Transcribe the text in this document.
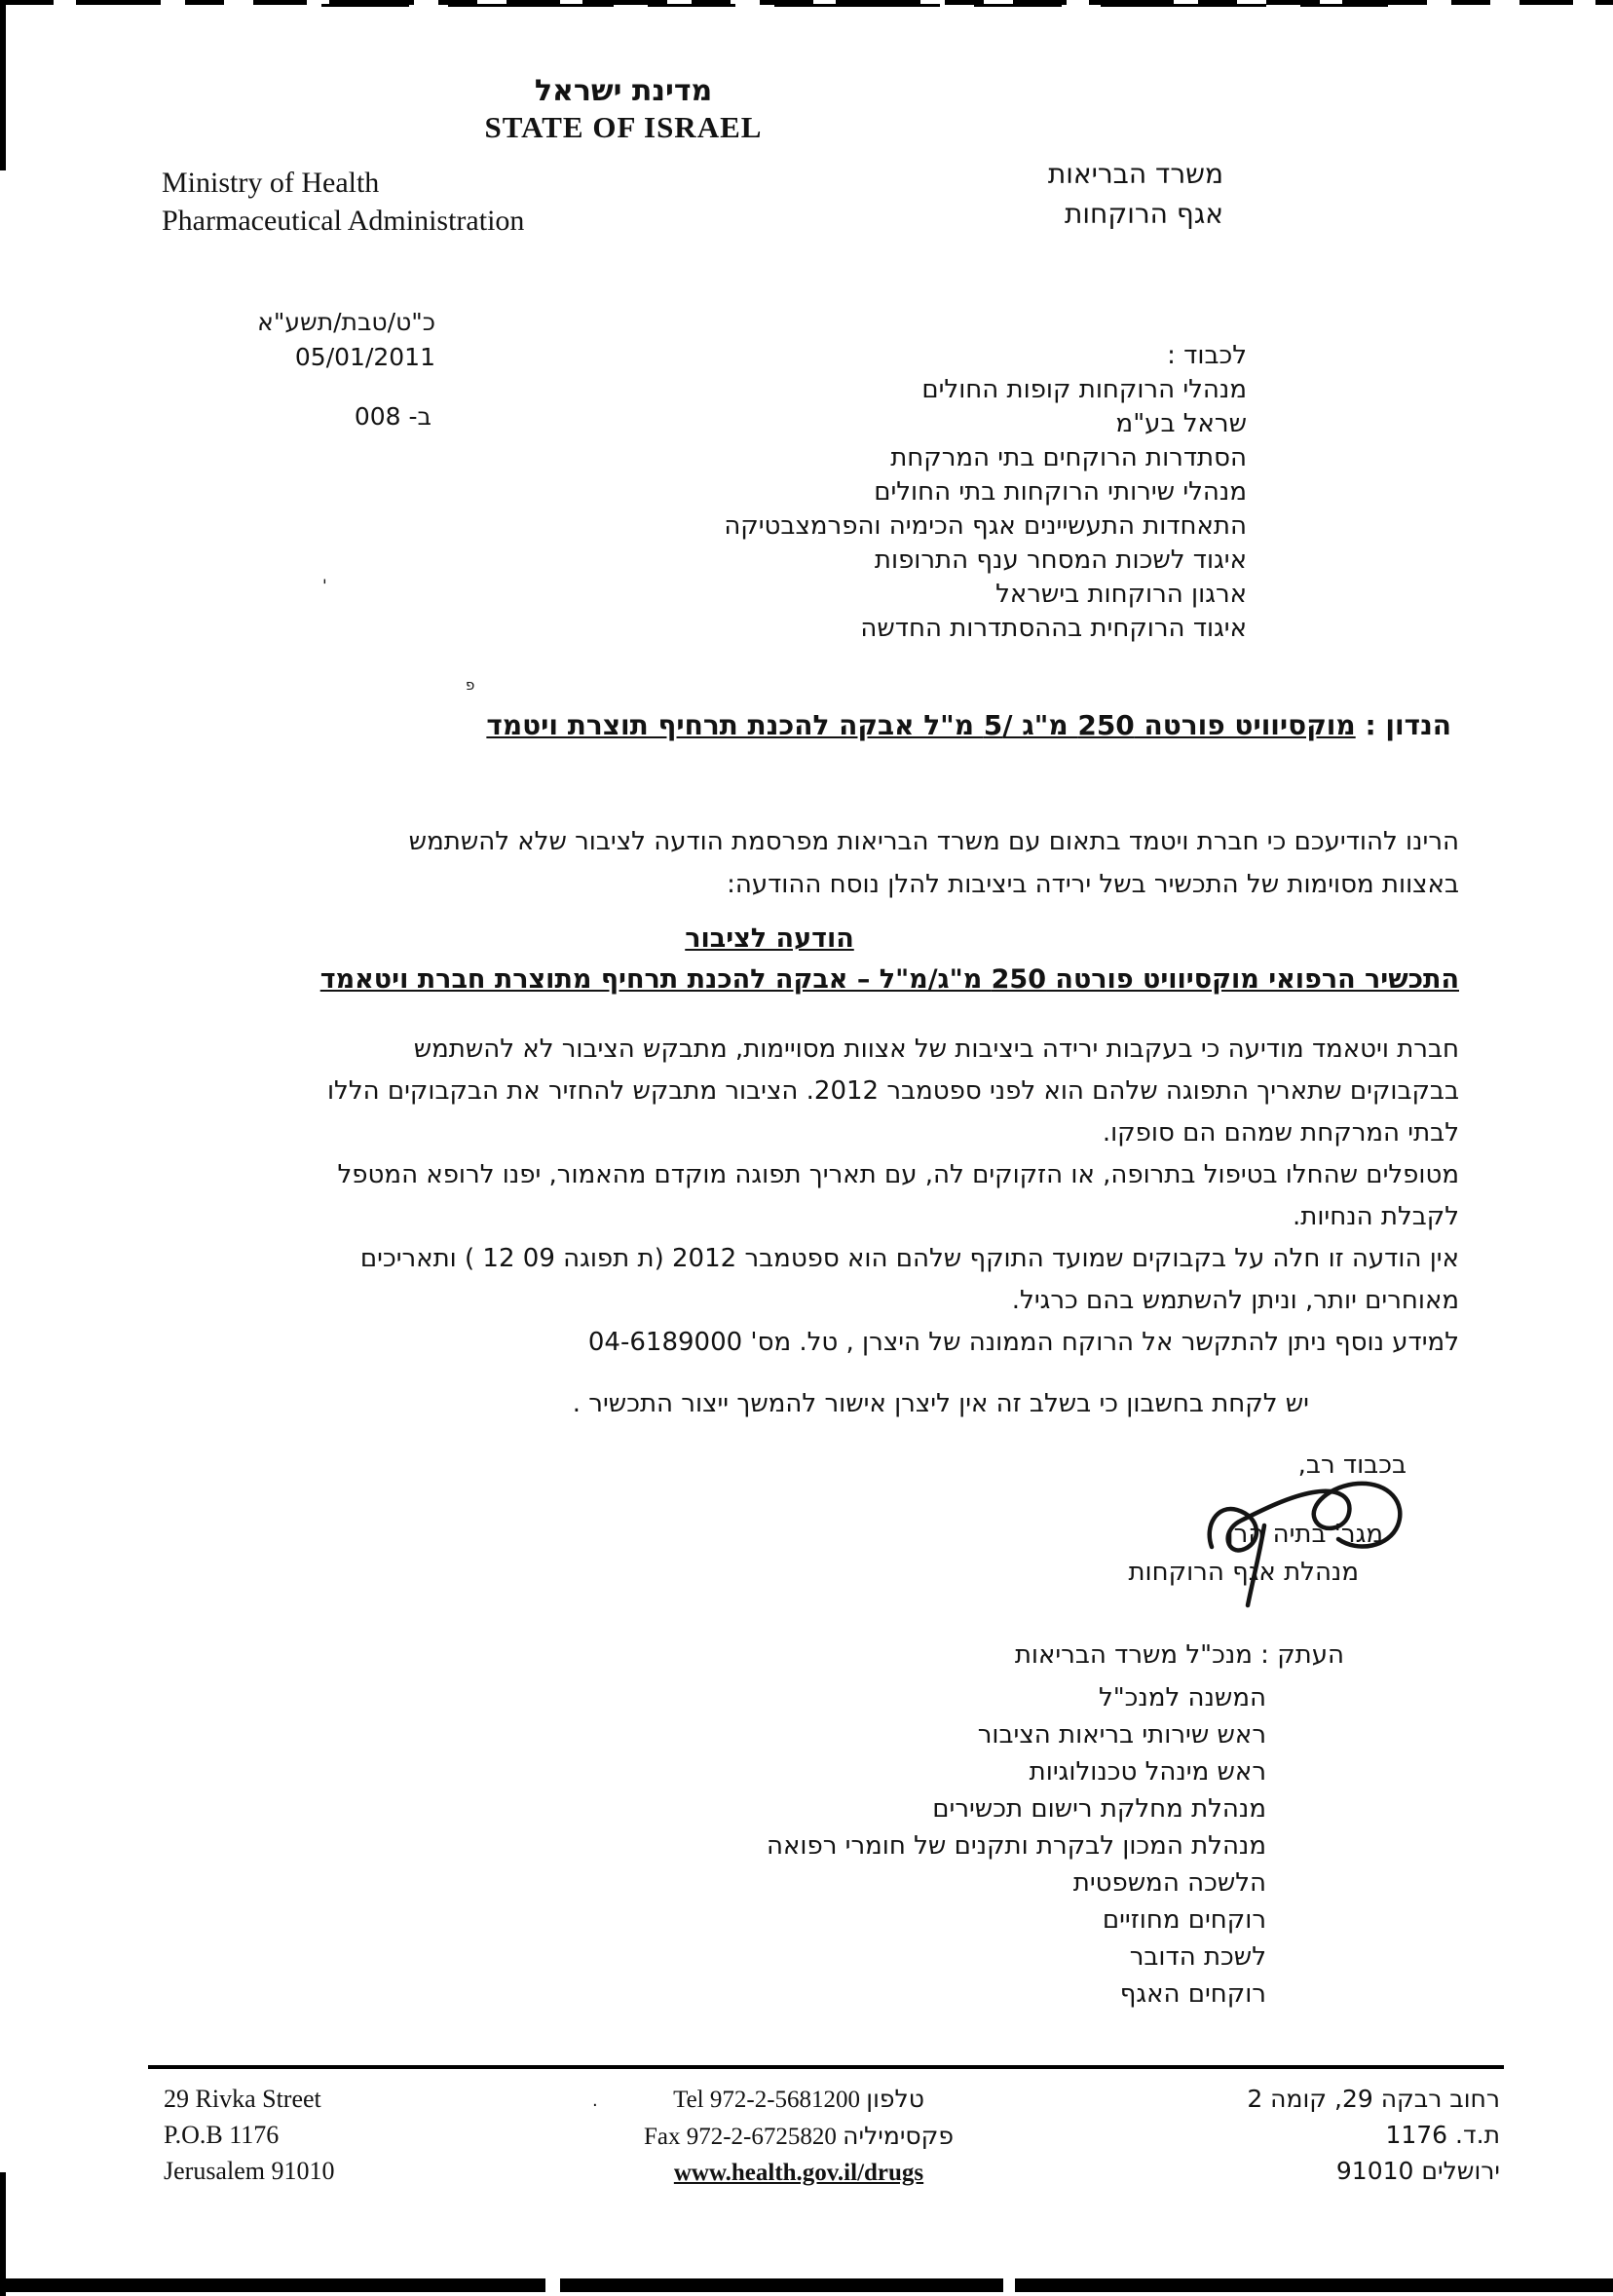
מדינת ישראל
STATE OF ISRAEL
Ministry of Health
Pharmaceutical Administration
משרד הבריאות
אגף הרוקחות
כ"ט/טבת/תשע"א
05/01/2011
ב- 008
לכבוד :
מנהלי הרוקחות קופות החולים
שראל בע"מ
הסתדרות הרוקחים בתי המרקחת
מנהלי שירותי הרוקחות בתי החולים
התאחדות התעשיינים אגף הכימיה והפרמצבטיקה
איגוד לשכות המסחר ענף התרופות
ארגון הרוקחות בישראל
איגוד הרוקחית בההסתדרות החדשה
הנדון : מוקסיוויט פורטה 250 מ"ג /5 מ"ל אבקה להכנת תרחיף תוצרת ויטמד
הרינו להודיעכם כי חברת ויטמד בתאום עם משרד הבריאות מפרסמת הודעה לציבור שלא להשתמש
באצוות מסוימות של התכשיר בשל ירידה ביציבות להלן נוסח ההודעה:
הודעה לציבור
התכשיר הרפואי מוקסיוויט פורטה 250 מ"ג/מ"ל – אבקה להכנת תרחיף מתוצרת חברת ויטאמד
חברת ויטאמד מודיעה כי בעקבות ירידה ביציבות של אצוות מסויימות, מתבקש הציבור לא להשתמש
בבקבוקים שתאריך התפוגה שלהם הוא לפני ספטמבר 2012. הציבור מתבקש להחזיר את הבקבוקים הללו
לבתי המרקחת שמהם הם סופקו.
מטופלים שהחלו בטיפול בתרופה, או הזקוקים לה, עם תאריך תפוגה מוקדם מהאמור, יפנו לרופא המטפל
לקבלת הנחיות.
אין הודעה זו חלה על בקבוקים שמועד התוקף שלהם הוא ספטמבר 2012 (ת תפוגה 09 12 ) ותאריכים
מאוחרים יותר, וניתן להשתמש בהם כרגיל.
למידע נוסף ניתן להתקשר אל הרוקח הממונה של היצרן , טל. מס' 04-6189000
יש לקחת בחשבון כי בשלב זה אין ליצרן אישור להמשך ייצור התכשיר .
בכבוד רב,
מגר' בתיה הרן
מנהלת אגף הרוקחות
העתק : מנכ"ל משרד הבריאות
המשנה למנכ"ל
ראש שירותי בריאות הציבור
ראש מינהל טכנולוגיות
מנהלת מחלקת רישום תכשירים
מנהלת המכון לבקרת ותקנים של חומרי רפואה
הלשכה המשפטית
רוקחים מחוזיים
לשכת הדובר
רוקחים האגף
29 Rivka Street
P.O.B 1176
Jerusalem 91010
Tel 972-2-5681200 טלפון
Fax 972-2-6725820 פקסימיליה
www.health.gov.il/drugs
רחוב רבקה 29, קומה 2
ת.ד. 1176
ירושלים 91010
פ
'
.
